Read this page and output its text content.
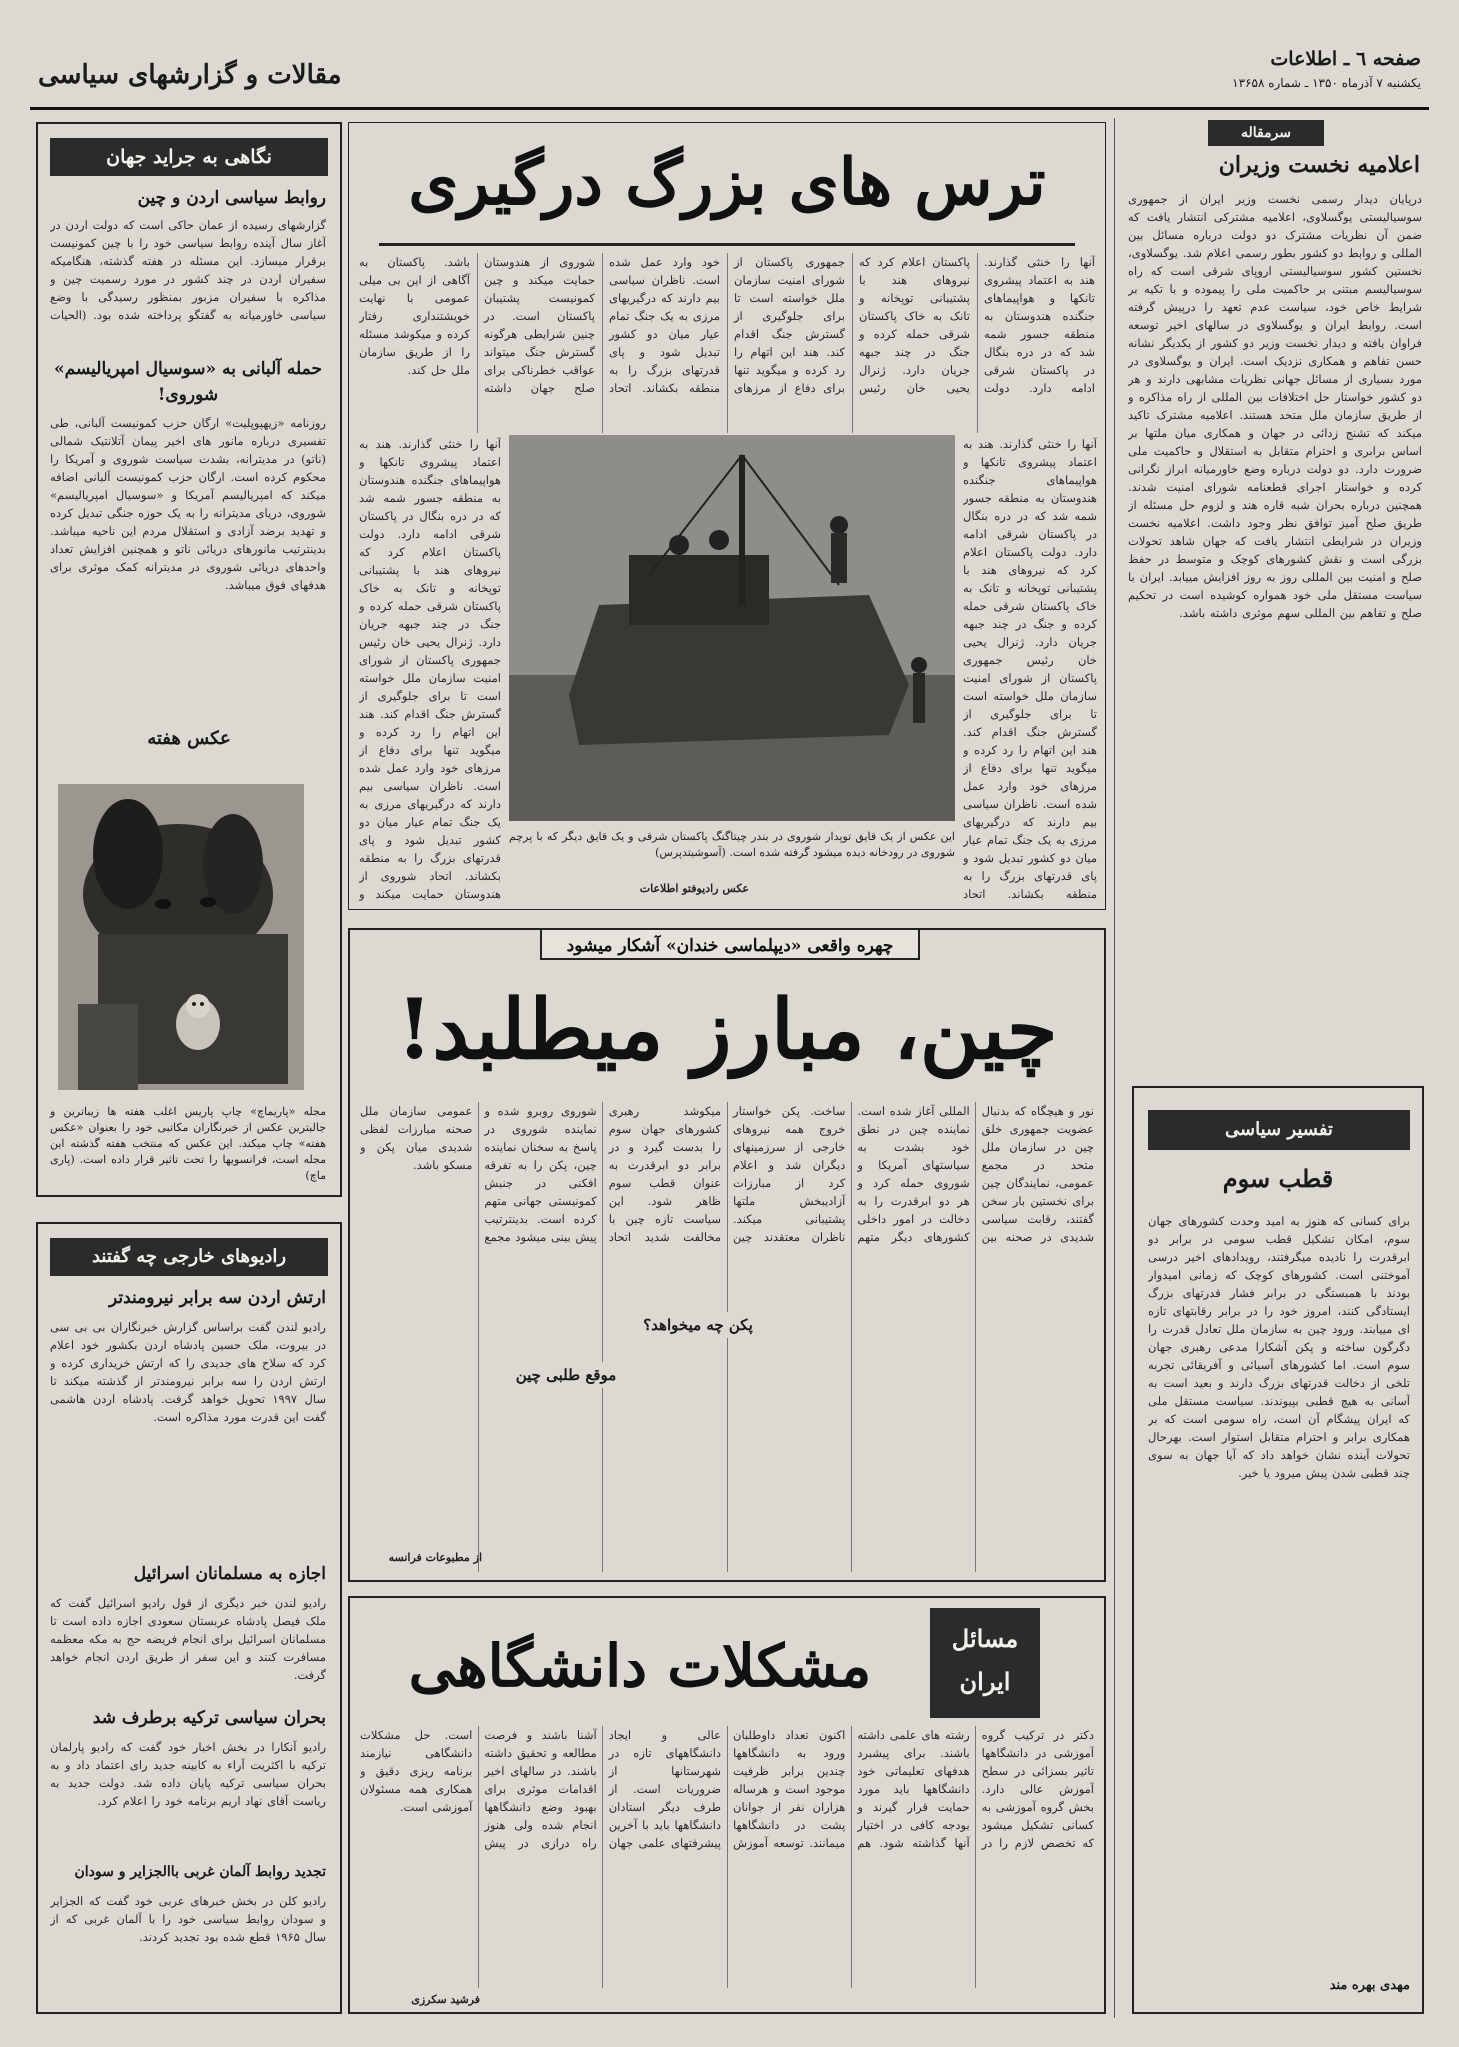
صفحه ٦ ـ اطلاعات
یکشنبه ۷ آذرماه ۱۳۵۰ ـ شماره ۱۳۶۵۸
مقالات و گزارشهای سیاسی
نگاهی به جراید جهان
روابط سیاسی اردن و چین
گزارشهای رسیده از عمان حاکی است که دولت اردن در آغاز سال آینده روابط سیاسی خود را با چین کمونیست برقرار میسازد. این مسئله در هفته گذشته، هنگامیکه سفیران اردن در چند کشور در مورد رسمیت چین و مذاکره با سفیران مزبور بمنظور رسیدگی با وضع سیاسی خاورمیانه به گفتگو پرداخته شده بود. (الحیات
حمله آلبانی به «سوسیال امپریالیسم» شوروی!
روزنامه «زیهپوپلیت» ارگان حزب کمونیست آلبانی، طی تفسیری درباره مانور های اخیر پیمان آتلانتیک شمالی (ناتو) در مدیترانه، بشدت سیاست شوروی و آمریکا را محکوم کرده است. ارگان حزب کمونیست آلبانی اضافه میکند که امپریالیسم آمریکا و «سوسیال امپریالیسم» شوروی، دریای مدیترانه را به یک حوزه جنگی تبدیل کرده و تهدید برضد آزادی و استقلال مردم این ناحیه میباشد. بدینترتیب مانورهای دریائی ناتو و همچنین افزایش تعداد واحدهای دریائی شوروی در مدیترانه کمک موثری برای هدفهای فوق میباشد.
عکس هفته
مجله «پاریماچ» چاپ پاریس اغلب هفته ها زیباترین و جالبترین عکس از خبرنگاران مکاتبی خود را بعنوان «عکس هفته» چاپ میکند. این عکس که منتخب هفته گذشته این مجله است، فرانسویها را تحت تاثیر قرار داده است. (پاری ماچ)
رادیوهای خارجی چه گفتند
ارتش اردن سه برابر نیرومندتر
رادیو لندن گفت براساس گزارش خبرنگاران بی بی سی در بیروت، ملک حسین پادشاه اردن بکشور خود اعلام کرد که سلاح های جدیدی را که ارتش خریداری کرده و ارتش اردن را سه برابر نیرومندتر از گذشته میکند تا سال ۱۹۹۷ تحویل خواهد گرفت. پادشاه اردن هاشمی گفت این قدرت مورد مذاکره است.
اجازه به مسلمانان اسرائیل
رادیو لندن خبر دیگری از قول رادیو اسرائیل گفت که ملک فیصل پادشاه عربستان سعودی اجازه داده است تا مسلمانان اسرائیل برای انجام فریضه حج به مکه معظمه مسافرت کنند و این سفر از طریق اردن انجام خواهد گرفت.
بحران سیاسی ترکیه برطرف شد
رادیو آنکارا در بخش اخبار خود گفت که رادیو پارلمان ترکیه با اکثریت آراء به کابینه جدید رای اعتماد داد و به بحران سیاسی ترکیه پایان داده شد. دولت جدید به ریاست آقای نهاد اریم برنامه خود را اعلام کرد.
تجدید روابط آلمان غربی باالجزایر و سودان
رادیو کلن در بخش خبرهای عربی خود گفت که الجزایر و سودان روابط سیاسی خود را با آلمان غربی که از سال ۱۹۶۵ قطع شده بود تجدید کردند.
سرمقاله
اعلامیه نخست وزیران
درپایان دیدار رسمی نخست وزیر ایران از جمهوری سوسیالیستی یوگسلاوی، اعلامیه مشترکی انتشار یافت که ضمن آن نظریات مشترک دو دولت درباره مسائل بین المللی و روابط دو کشور بطور رسمی اعلام شد. یوگسلاوی، نخستین کشور سوسیالیستی اروپای شرقی است که راه سوسیالیسم مبتنی بر حاکمیت ملی را پیموده و با تکیه بر شرایط خاص خود، سیاست عدم تعهد را درپیش گرفته است. روابط ایران و یوگسلاوی در سالهای اخیر توسعه فراوان یافته و دیدار نخست وزیر دو کشور از یکدیگر نشانه حسن تفاهم و همکاری نزدیک است. ایران و یوگسلاوی در مورد بسیاری از مسائل جهانی نظریات مشابهی دارند و هر دو کشور خواستار حل اختلافات بین المللی از راه مذاکره و از طریق سازمان ملل متحد هستند. اعلامیه مشترک تاکید میکند که تشنج زدائی در جهان و همکاری میان ملتها بر اساس برابری و احترام متقابل به استقلال و حاکمیت ملی ضرورت دارد. دو دولت درباره وضع خاورمیانه ابراز نگرانی کرده و خواستار اجرای قطعنامه شورای امنیت شدند. همچنین درباره بحران شبه قاره هند و لزوم حل مسئله از طریق صلح آمیز توافق نظر وجود داشت. اعلامیه نخست وزیران در شرایطی انتشار یافت که جهان شاهد تحولات بزرگی است و نقش کشورهای کوچک و متوسط در حفظ صلح و امنیت بین المللی روز به روز افزایش مییابد. ایران با سیاست مستقل ملی خود همواره کوشیده است در تحکیم صلح و تفاهم بین المللی سهم موثری داشته باشد.
تفسیر سیاسی
قطب سوم
برای کسانی که هنوز به امید وحدت کشورهای جهان سوم، امکان تشکیل قطب سومی در برابر دو ابرقدرت را نادیده میگرفتند، رویدادهای اخیر درسی آموختنی است. کشورهای کوچک که زمانی امیدوار بودند با همبستگی در برابر فشار قدرتهای بزرگ ایستادگی کنند، امروز خود را در برابر رقابتهای تازه ای مییابند. ورود چین به سازمان ملل تعادل قدرت را دگرگون ساخته و پکن آشکارا مدعی رهبری جهان سوم است. اما کشورهای آسیائی و آفریقائی تجربه تلخی از دخالت قدرتهای بزرگ دارند و بعید است به آسانی به هیچ قطبی بپیوندند. سیاست مستقل ملی که ایران پیشگام آن است، راه سومی است که بر همکاری برابر و احترام متقابل استوار است. بهرحال تحولات آینده نشان خواهد داد که آیا جهان به سوی چند قطبی شدن پیش میرود یا خیر.
مهدی بهره مند
ترس های بزرگ درگیری
آنها را خنثی گذارند. هند به اعتماد پیشروی تانکها و هواپیماهای جنگنده هندوستان به منطقه جسور شمه شد که در دره بنگال در پاکستان شرقی ادامه دارد. دولت پاکستان اعلام کرد که نیروهای هند با پشتیبانی توپخانه و تانک به خاک پاکستان شرقی حمله کرده و جنگ در چند جبهه جریان دارد. ژنرال یحیی خان رئیس جمهوری پاکستان از شورای امنیت سازمان ملل خواسته است تا برای جلوگیری از گسترش جنگ اقدام کند. هند این اتهام را رد کرده و میگوید تنها برای دفاع از مرزهای خود وارد عمل شده است. ناظران سیاسی بیم دارند که درگیریهای مرزی به یک جنگ تمام عیار میان دو کشور تبدیل شود و پای قدرتهای بزرگ را به منطقه بکشاند. اتحاد شوروی از هندوستان حمایت میکند و چین کمونیست پشتیبان پاکستان است. در چنین شرایطی هرگونه گسترش جنگ میتواند عواقب خطرناکی برای صلح جهان داشته باشد. پاکستان به آگاهی از این بی میلی عمومی با نهایت خویشتنداری رفتار کرده و میکوشد مسئله را از طریق سازمان ملل حل کند.
آنها را خنثی گذارند. هند به اعتماد پیشروی تانکها و هواپیماهای جنگنده هندوستان به منطقه جسور شمه شد که در دره بنگال در پاکستان شرقی ادامه دارد. دولت پاکستان اعلام کرد که نیروهای هند با پشتیبانی توپخانه و تانک به خاک پاکستان شرقی حمله کرده و جنگ در چند جبهه جریان دارد. ژنرال یحیی خان رئیس جمهوری پاکستان از شورای امنیت سازمان ملل خواسته است تا برای جلوگیری از گسترش جنگ اقدام کند. هند این اتهام را رد کرده و میگوید تنها برای دفاع از مرزهای خود وارد عمل شده است. ناظران سیاسی بیم دارند که درگیریهای مرزی به یک جنگ تمام عیار میان دو کشور تبدیل شود و پای قدرتهای بزرگ را به منطقه بکشاند. اتحاد شوروی از هندوستان حمایت میکند و
آنها را خنثی گذارند. هند به اعتماد پیشروی تانکها و هواپیماهای جنگنده هندوستان به منطقه جسور شمه شد که در دره بنگال در پاکستان شرقی ادامه دارد. دولت پاکستان اعلام کرد که نیروهای هند با پشتیبانی توپخانه و تانک به خاک پاکستان شرقی حمله کرده و جنگ در چند جبهه جریان دارد. ژنرال یحیی خان رئیس جمهوری پاکستان از شورای امنیت سازمان ملل خواسته است تا برای جلوگیری از گسترش جنگ اقدام کند. هند این اتهام را رد کرده و میگوید تنها برای دفاع از مرزهای خود وارد عمل شده است. ناظران سیاسی بیم دارند که درگیریهای مرزی به یک جنگ تمام عیار میان دو کشور تبدیل شود و پای قدرتهای بزرگ را به منطقه بکشاند. اتحاد
این عکس از یک قایق توپدار شوروی در بندر چیتاگنگ پاکستان شرقی و یک قایق دیگر که با پرچم شوروی در رودخانه دیده میشود گرفته شده است. (آسوشیتدپرس)
عکس رادیوفتو اطلاعات
چهره واقعی «دیپلماسی خندان» آشکار میشود
چین، مبارز میطلبد!
نور و هیچگاه که بدنبال عضویت جمهوری خلق چین در سازمان ملل متحد در مجمع عمومی، نمایندگان چین برای نخستین بار سخن گفتند، رقابت سیاسی شدیدی در صحنه بین المللی آغاز شده است. نماینده چین در نطق خود بشدت به سیاستهای آمریکا و شوروی حمله کرد و هر دو ابرقدرت را به دخالت در امور داخلی کشورهای دیگر متهم ساخت. پکن خواستار خروج همه نیروهای خارجی از سرزمینهای دیگران شد و اعلام کرد از مبارزات آزادیبخش ملتها پشتیبانی میکند. ناظران معتقدند چین میکوشد رهبری کشورهای جهان سوم را بدست گیرد و در برابر دو ابرقدرت به عنوان قطب سوم ظاهر شود. این سیاست تازه چین با مخالفت شدید اتحاد شوروی روبرو شده و نماینده شوروی در پاسخ به سخنان نماینده چین، پکن را به تفرقه افکنی در جنبش کمونیستی جهانی متهم کرده است. بدینترتیب پیش بینی میشود مجمع عمومی سازمان ملل صحنه مبارزات لفظی شدیدی میان پکن و مسکو باشد.
پکن چه میخواهد؟
موقع طلبی چین
از مطبوعات فرانسه
مشکلات دانشگاهی	مسائل
ایران
دکتر در ترکیب گروه آموزشی در دانشگاهها تاثیر بسزائی در سطح آموزش عالی دارد. بخش گروه آموزشی به کسانی تشکیل میشود که تخصص لازم را در رشته های علمی داشته باشند. برای پیشبرد هدفهای تعلیماتی خود دانشگاهها باید مورد حمایت قرار گیرند و بودجه کافی در اختیار آنها گذاشته شود. هم اکنون تعداد داوطلبان ورود به دانشگاهها چندین برابر ظرفیت موجود است و هرساله هزاران نفر از جوانان پشت در دانشگاهها میمانند. توسعه آموزش عالی و ایجاد دانشگاههای تازه در شهرستانها از ضروریات است. از طرف دیگر استادان دانشگاهها باید با آخرین پیشرفتهای علمی جهان آشنا باشند و فرصت مطالعه و تحقیق داشته باشند. در سالهای اخیر اقدامات موثری برای بهبود وضع دانشگاهها انجام شده ولی هنوز راه درازی در پیش است. حل مشکلات دانشگاهی نیازمند برنامه ریزی دقیق و همکاری همه مسئولان آموزشی است.
فرشید سکرزی
